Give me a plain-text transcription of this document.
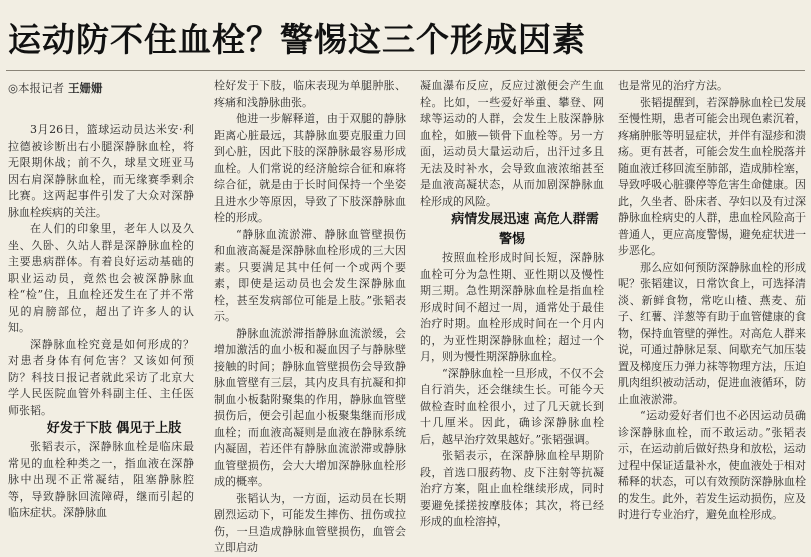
运动防不住血栓？警惕这三个形成因素
◎本报记者 王姗姗

3月26日，篮球运动员达米安·利拉德被诊断出右小腿深静脉血栓，将无限期休战；前不久，球星文班亚马因右肩深静脉血栓，而无缘赛季剩余比赛。这两起事件引发了大众对深静脉血栓疾病的关注。

在人们的印象里，老年人以及久坐、久卧、久站人群是深静脉血栓的主要患病群体。有着良好运动基础的职业运动员，竟然也会被深静脉血栓“检”住，且血栓还发生在了并不常见的肩膀部位，超出了许多人的认知。

深静脉血栓究竟是如何形成的？对患者身体有何危害？又该如何预防？科技日报记者就此采访了北京大学人民医院血管外科副主任、主任医师张韬。

好发于下肢 偶见于上肢

张韬表示，深静脉血栓是临床最常见的血栓种类之一，指血液在深静脉中出现不正常凝结，阻塞静脉腔等，导致静脉回流障碍，继而引起的临床症状。深静脉血

栓好发于下肢，临床表现为单腿肿胀、疼痛和浅静脉曲张。

他进一步解释道，由于双腿的静脉距离心脏最远，其静脉血要克服重力回到心脏，因此下肢的深静脉最容易形成血栓。人们常说的经济舱综合征和麻将综合征，就是由于长时间保持一个坐姿且进水少等原因，导致了下肢深静脉血栓的形成。

“静脉血流淤滞、静脉血管壁损伤和血液高凝是深静脉血栓形成的三大因素。只要满足其中任何一个或两个要素，即使是运动员也会发生深静脉血栓，甚至发病部位可能是上肢。”张韬表示。

静脉血流淤滞指静脉血流淤缓，会增加激活的血小板和凝血因子与静脉壁接触的时间；静脉血管壁损伤会导致静脉血管壁有三层，其内皮具有抗凝和抑制血小板黏附聚集的作用，静脉血管壁损伤后，便会引起血小板聚集继而形成血栓；而血液高凝则是血液在静脉系统内凝固，若还伴有静脉血流淤滞或静脉血管壁损伤，会大大增加深静脉血栓形成的概率。

张韬认为，一方面，运动员在长期剧烈运动下，可能发生摔伤、扭伤或拉伤，一旦造成静脉血管壁损伤，血管会立即启动

凝血瀑布反应，反应过激便会产生血栓。比如，一些爱好举重、攀登、网球等运动的人群，会发生上肢深静脉血栓，如腋—锁骨下血栓等。另一方面，运动员大量运动后，出汗过多且无法及时补水，会导致血液浓缩甚至是血液高凝状态，从而加剧深静脉血栓形成的风险。

病情发展迅速 高危人群需警惕

按照血栓形成时间长短，深静脉血栓可分为急性期、亚性期以及慢性期三期。急性期深静脉血栓是指血栓形成时间不超过一周，通常处于最佳治疗时期。血栓形成时间在一个月内的，为亚性期深静脉血栓；超过一个月，则为慢性期深静脉血栓。

“深静脉血栓一旦形成，不仅不会自行消失，还会继续生长。可能今天做检查时血栓很小，过了几天就长到十几厘米。因此，确诊深静脉血栓后，越早治疗效果越好。”张韬强调。

张韬表示，在深静脉血栓早期阶段，首选口服药物、皮下注射等抗凝治疗方案，阻止血栓继续形成，同时要避免揉搓按摩肢体；其次，将已经形成的血栓溶掉，

也是常见的治疗方法。

张韬提醒到，若深静脉血栓已发展至慢性期，患者可能会出现色素沉着，疼痛肿胀等明显症状，并伴有湿疹和溃疡。更有甚者，可能会发生血栓脱落并随血液迁移回流至肺部，造成肺栓塞，导致呼吸心脏骤停等危害生命健康。因此，久坐者、卧床者、孕妇以及有过深静脉血栓病史的人群，患血栓风险高于普通人，更应高度警惕，避免症状进一步恶化。

那么应如何预防深静脉血栓的形成呢？张韬建议，日常饮食上，可选择清淡、新鲜食物，常吃山楂、燕麦、茄子、红薯、洋葱等有助于血管健康的食物，保持血管壁的弹性。对高危人群来说，可通过静脉足泵、间歇充气加压装置及梯度压力弹力袜等物理方法，压迫肌肉组织被动活动，促进血液循环，防止血液淤滞。

“运动爱好者们也不必因运动员确诊深静脉血栓，而不敢运动。”张韬表示，在运动前后做好热身和放松，运动过程中保证适量补水，使血液处于相对稀释的状态，可以有效预防深静脉血栓的发生。此外，若发生运动损伤，应及时进行专业治疗，避免血栓形成。
